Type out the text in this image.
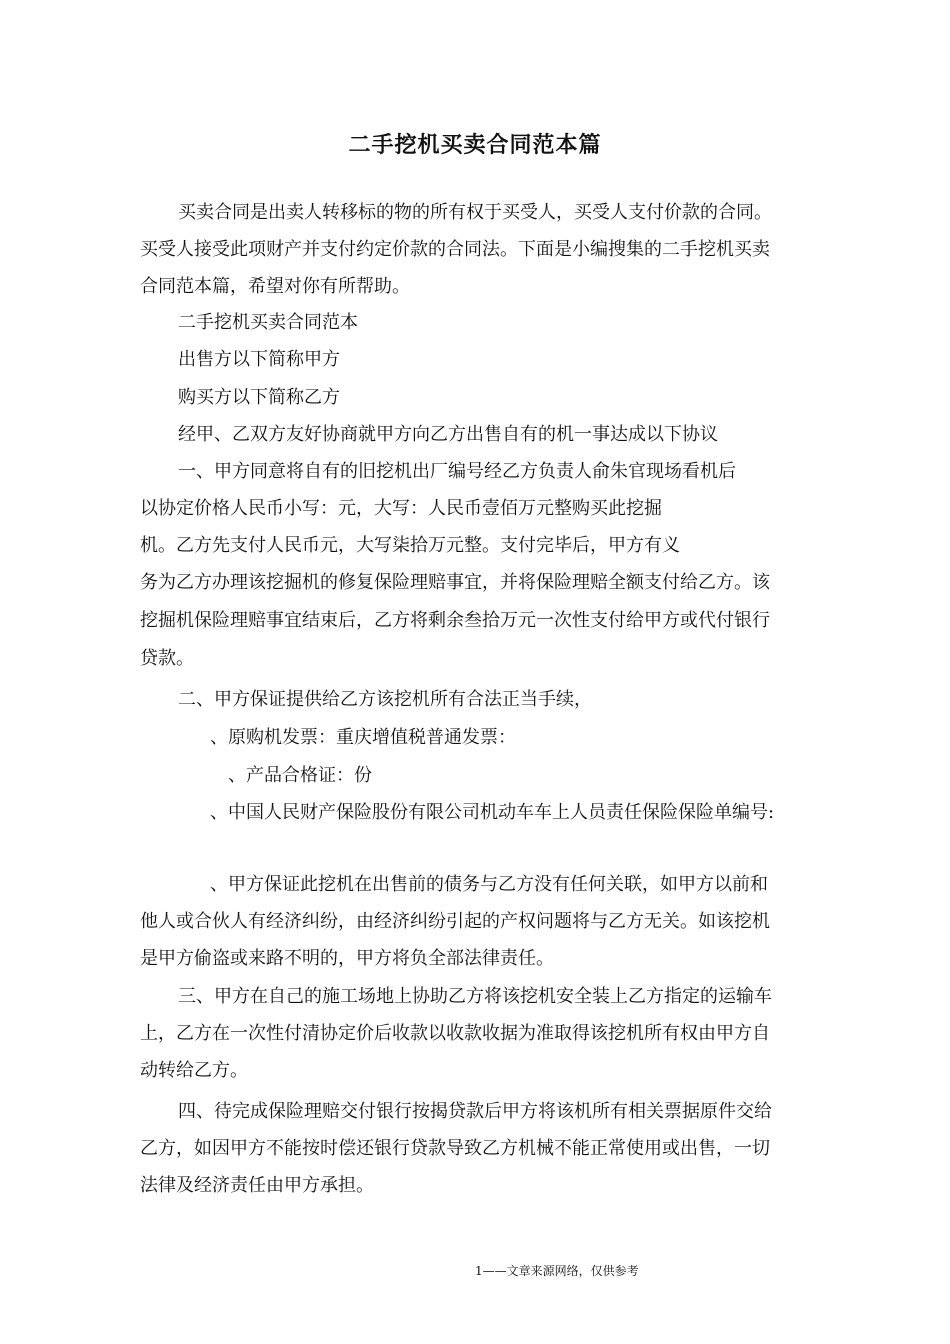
二手挖机买卖合同范本篇
买卖合同是出卖人转移标的物的所有权于买受人，买受人支付价款的合同。
买受人接受此项财产并支付约定价款的合同法。下面是小编搜集的二手挖机买卖
合同范本篇，希望对你有所帮助。
二手挖机买卖合同范本
出售方以下简称甲方
购买方以下简称乙方
经甲、乙双方友好协商就甲方向乙方出售自有的机一事达成以下协议
一、甲方同意将自有的旧挖机出厂编号经乙方负责人俞朱官现场看机后
以协定价格人民币小写：元，大写：人民币壹佰万元整购买此挖掘
机。乙方先支付人民币元，大写柒拾万元整。支付完毕后，甲方有义
务为乙方办理该挖掘机的修复保险理赔事宜，并将保险理赔全额支付给乙方。该
挖掘机保险理赔事宜结束后，乙方将剩余叁拾万元一次性支付给甲方或代付银行
贷款。
二、甲方保证提供给乙方该挖机所有合法正当手续，
、原购机发票：重庆增值税普通发票：
、产品合格证：份
、中国人民财产保险股份有限公司机动车车上人员责任保险保险单编号:
、甲方保证此挖机在出售前的债务与乙方没有任何关联，如甲方以前和
他人或合伙人有经济纠纷，由经济纠纷引起的产权问题将与乙方无关。如该挖机
是甲方偷盗或来路不明的，甲方将负全部法律责任。
三、甲方在自己的施工场地上协助乙方将该挖机安全装上乙方指定的运输车
上，乙方在一次性付清协定价后收款以收款收据为准取得该挖机所有权由甲方自
动转给乙方。
四、待完成保险理赔交付银行按揭贷款后甲方将该机所有相关票据原件交给
乙方，如因甲方不能按时偿还银行贷款导致乙方机械不能正常使用或出售，一切
法律及经济责任由甲方承担。
1——文章来源网络，仅供参考
